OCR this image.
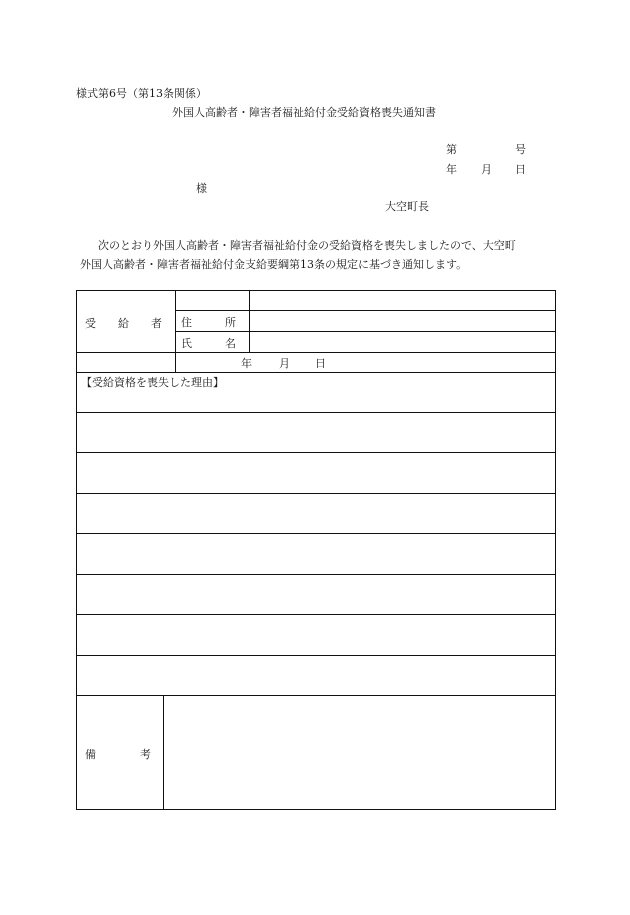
様式第6号（第13条関係）
外国人高齢者・障害者福祉給付金受給資格喪失通知書
第	号
年 月 日
様
大空町長
次のとおり外国人高齢者・障害者福祉給付金の受給資格を喪失しましたので、大空町
外国人高齢者・障害者福祉給付金支給要綱第13条の規定に基づき通知します。
受　　給　　者 住　　　所
氏　　　名
年 月 日
【受給資格を喪失した理由】
備　　　　考
